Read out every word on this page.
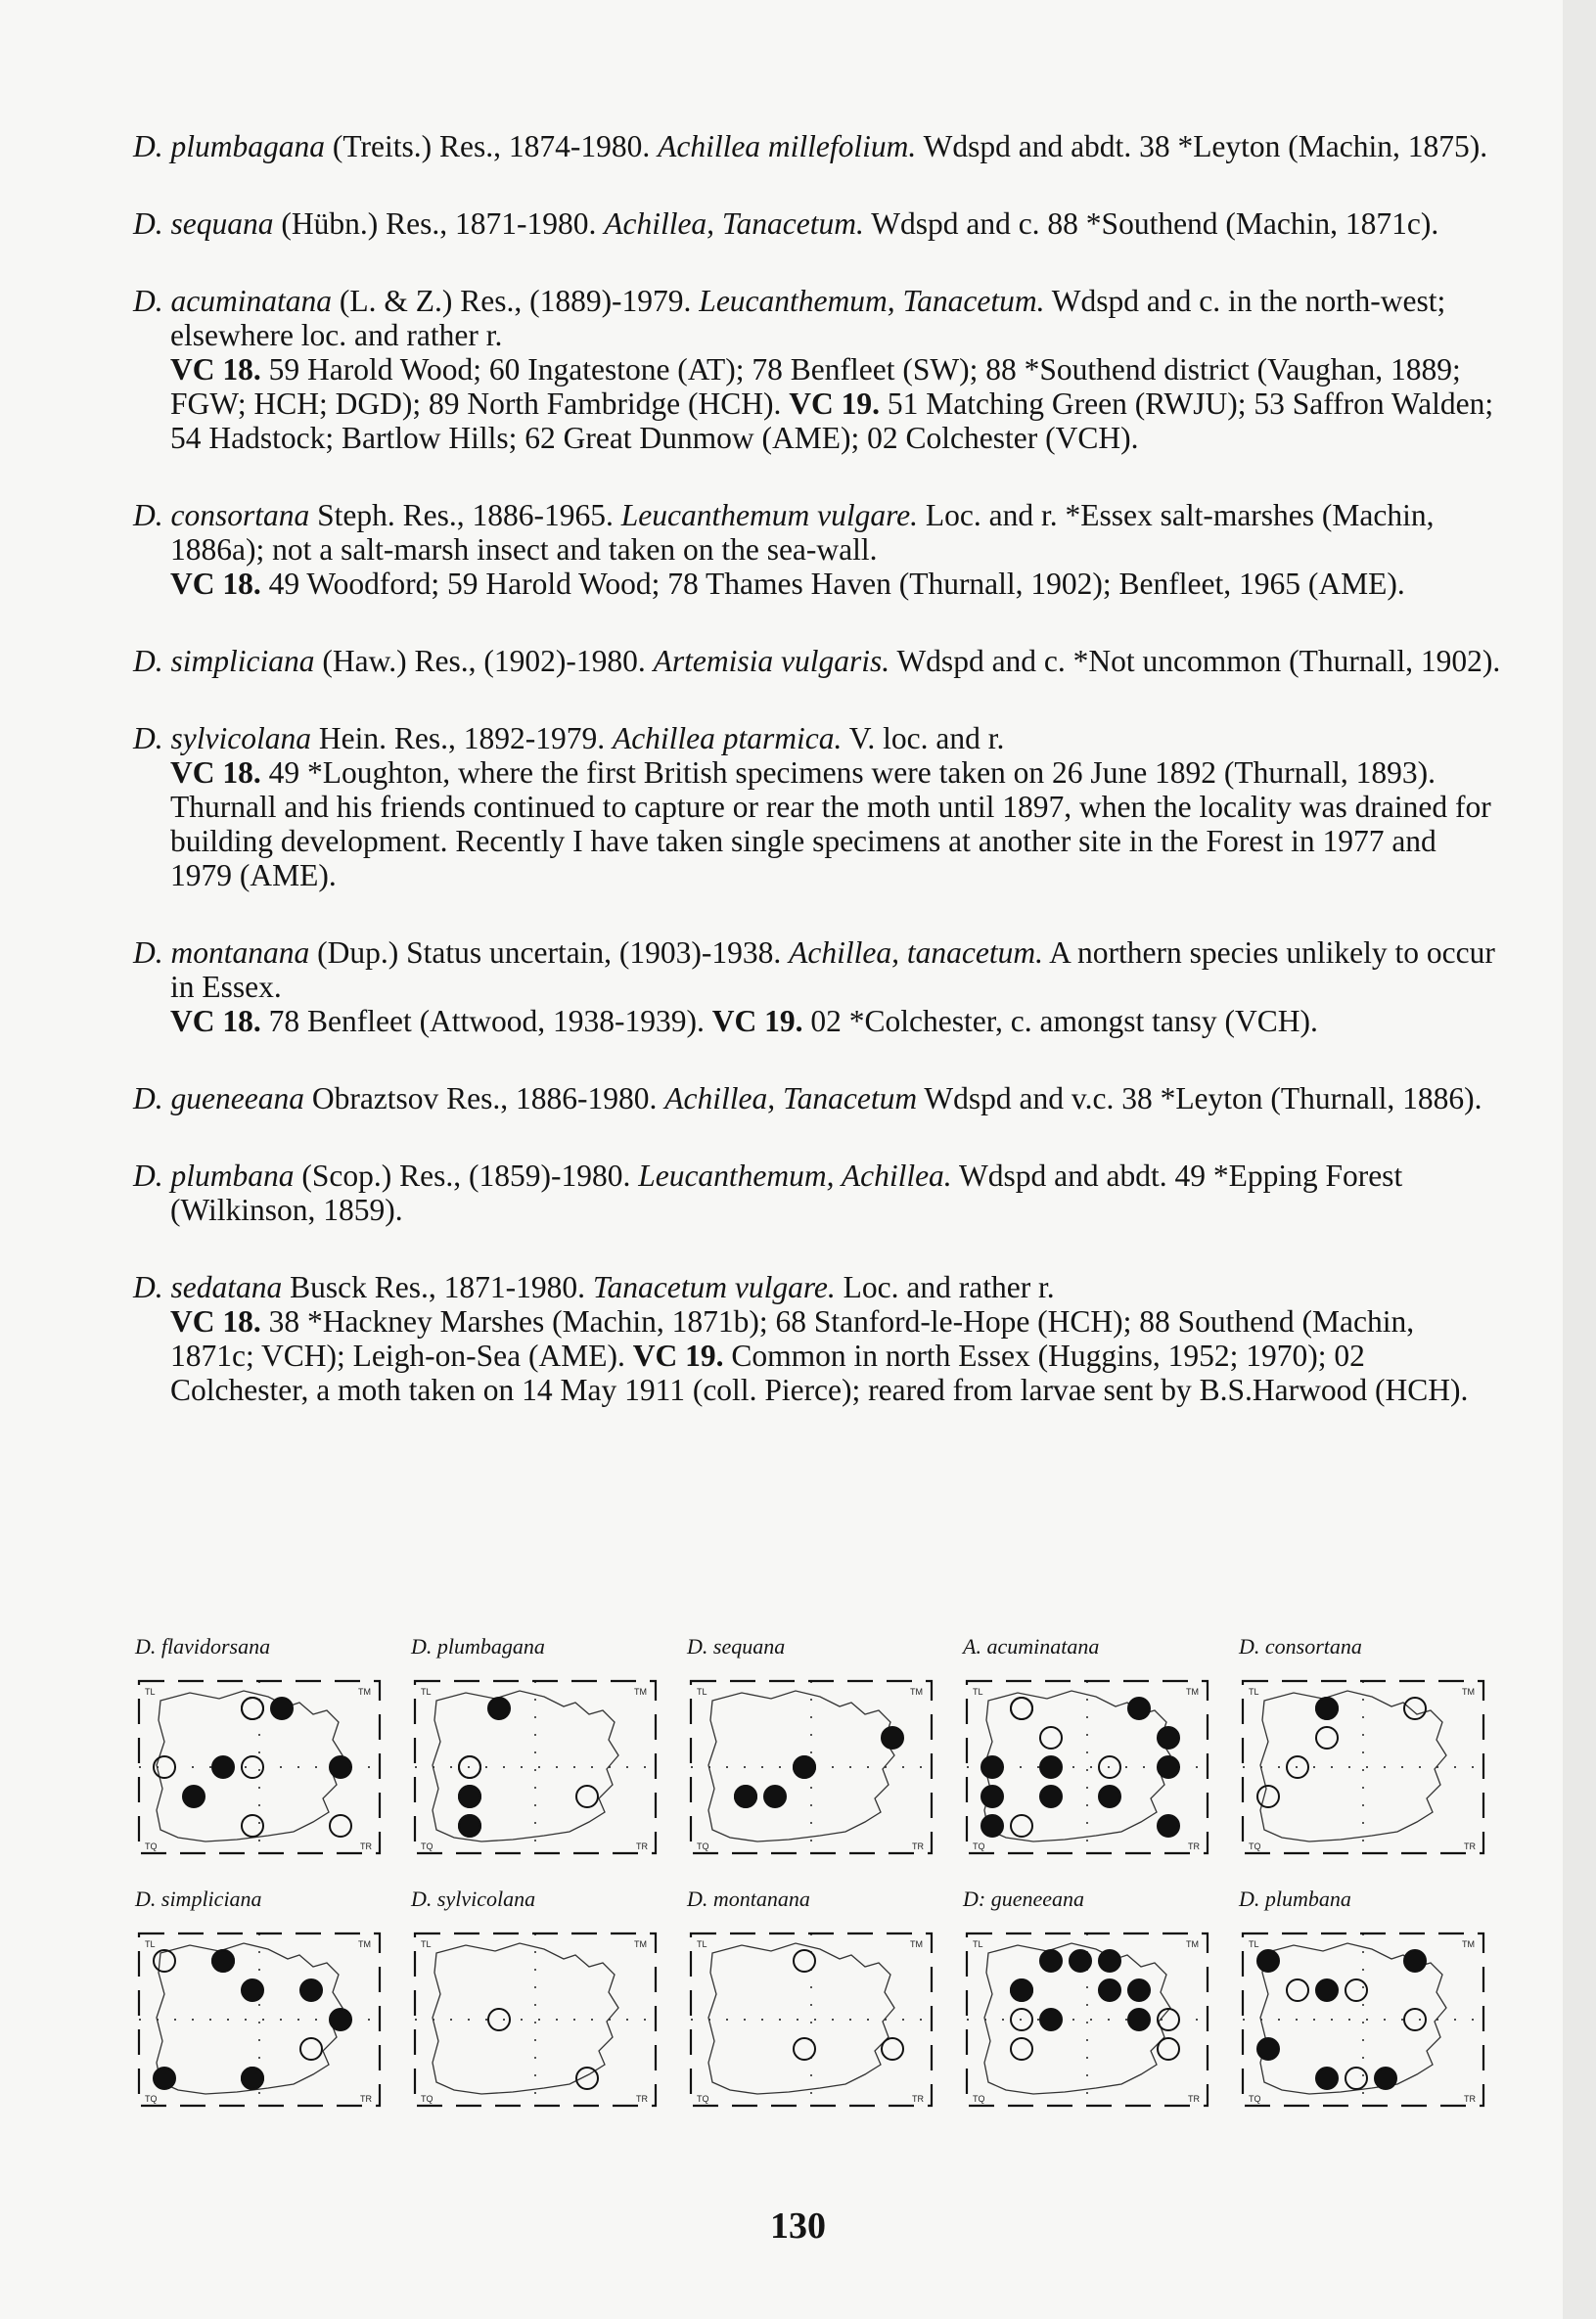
D. plumbagana (Treits.) Res., 1874-1980. Achillea millefolium. Wdspd and abdt. 38 *Leyton (Machin, 1875).

D. sequana (Hübn.) Res., 1871-1980. Achillea, Tanacetum. Wdspd and c. 88 *Southend (Machin, 1871c).

D. acuminatana (L. & Z.) Res., (1889)-1979. Leucanthemum, Tanacetum. Wdspd and c. in the north-west; elsewhere loc. and rather r.

VC 18. 59 Harold Wood; 60 Ingatestone (AT); 78 Benfleet (SW); 88 *Southend district (Vaughan, 1889; FGW; HCH; DGD); 89 North Fambridge (HCH). VC 19. 51 Matching Green (RWJU); 53 Saffron Walden; 54 Hadstock; Bartlow Hills; 62 Great Dunmow (AME); 02 Colchester (VCH).

D. consortana Steph. Res., 1886-1965. Leucanthemum vulgare. Loc. and r. *Essex salt-marshes (Machin, 1886a); not a salt-marsh insect and taken on the sea-wall.

VC 18. 49 Woodford; 59 Harold Wood; 78 Thames Haven (Thurnall, 1902); Benfleet, 1965 (AME).

D. simpliciana (Haw.) Res., (1902)-1980. Artemisia vulgaris. Wdspd and c. *Not uncommon (Thurnall, 1902).

D. sylvicolana Hein. Res., 1892-1979. Achillea ptarmica. V. loc. and r.

VC 18. 49 *Loughton, where the first British specimens were taken on 26 June 1892 (Thurnall, 1893). Thurnall and his friends continued to capture or rear the moth until 1897, when the locality was drained for building development. Recently I have taken single specimens at another site in the Forest in 1977 and 1979 (AME).

D. montanana (Dup.) Status uncertain, (1903)-1938. Achillea, tanacetum. A northern species unlikely to occur in Essex.

VC 18. 78 Benfleet (Attwood, 1938-1939). VC 19. 02 *Colchester, c. amongst tansy (VCH).

D. gueneeana Obraztsov Res., 1886-1980. Achillea, Tanacetum Wdspd and v.c. 38 *Leyton (Thurnall, 1886).

D. plumbana (Scop.) Res., (1859)-1980. Leucanthemum, Achillea. Wdspd and abdt. 49 *Epping Forest (Wilkinson, 1859).

D. sedatana Busck Res., 1871-1980. Tanacetum vulgare. Loc. and rather r.

VC 18. 38 *Hackney Marshes (Machin, 1871b); 68 Stanford-le-Hope (HCH); 88 Southend (Machin, 1871c; VCH); Leigh-on-Sea (AME). VC 19. Common in north Essex (Huggins, 1952; 1970); 02 Colchester, a moth taken on 14 May 1911 (coll. Pierce); reared from larvae sent by B.S.Harwood (HCH).

D. flavidorsana
TL	TM
TQ	TR
D. plumbagana
TL	TM
TQ	TR
D. sequana
TL	TM
TQ	TR
A. acuminatana
TL	TM
TQ	TR
D. consortana
TL	TM
TQ	TR
D. simpliciana
TL	TM
TQ	TR
D. sylvicolana
TL	TM
TQ	TR
D. montanana
TL	TM
TQ	TR
D: gueneeana
TL	TM
TQ	TR
D. plumbana
TL	TM
TQ	TR
130
